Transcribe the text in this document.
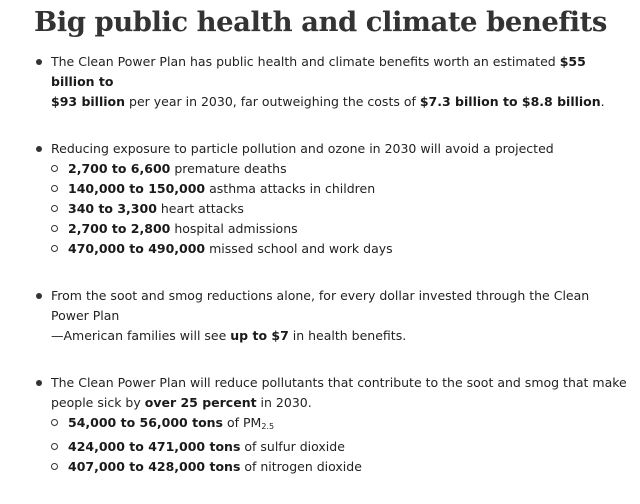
Big public health and climate benefits
The Clean Power Plan has public health and climate benefits worth an estimated $55 billion to
$93 billion per year in 2030, far outweighing the costs of $7.3 billion to $8.8 billion.
Reducing exposure to particle pollution and ozone in 2030 will avoid a projected
2,700 to 6,600 premature deaths
140,000 to 150,000 asthma attacks in children
340 to 3,300 heart attacks
2,700 to 2,800 hospital admissions
470,000 to 490,000 missed school and work days
From the soot and smog reductions alone, for every dollar invested through the Clean Power Plan
—American families will see up to $7 in health benefits.
The Clean Power Plan will reduce pollutants that contribute to the soot and smog that make
people sick by over 25 percent in 2030.
54,000 to 56,000 tons of $PM_{2.5}$
424,000 to 471,000 tons of sulfur dioxide
407,000 to 428,000 tons of nitrogen dioxide
